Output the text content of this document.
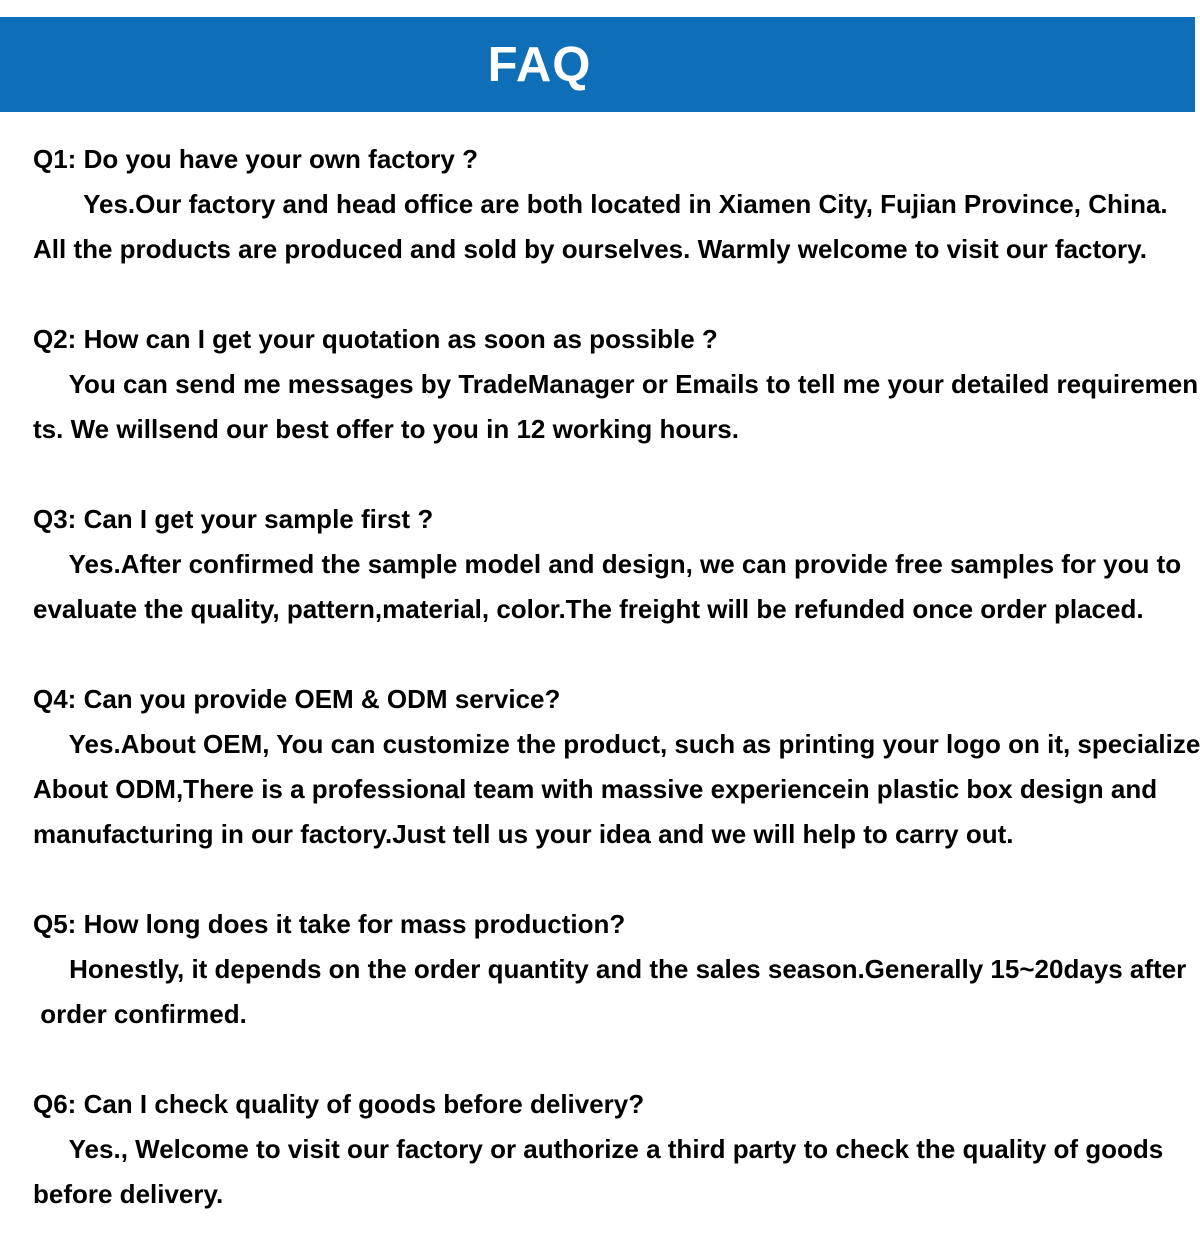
FAQ
Q1: Do you have your own factory ?
Yes.Our factory and head office are both located in Xiamen City, Fujian Province, China.
All the products are produced and sold by ourselves. Warmly welcome to visit our factory.
Q2: How can I get your quotation as soon as possible ?
You can send me messages by TradeManager or Emails to tell me your detailed requiremen
ts. We willsend our best offer to you in 12 working hours.
Q3: Can I get your sample first ?
Yes.After confirmed the sample model and design, we can provide free samples for you to
evaluate the quality, pattern,material, color.The freight will be refunded once order placed.
Q4: Can you provide OEM & ODM service?
Yes.About OEM, You can customize the product, such as printing your logo on it, specialize
About ODM,There is a professional team with massive experiencein plastic box design and
manufacturing in our factory.Just tell us your idea and we will help to carry out.
Q5: How long does it take for mass production?
Honestly, it depends on the order quantity and the sales season.Generally 15~20days after
order confirmed.
Q6: Can I check quality of goods before delivery?
Yes., Welcome to visit our factory or authorize a third party to check the quality of goods
before delivery.
